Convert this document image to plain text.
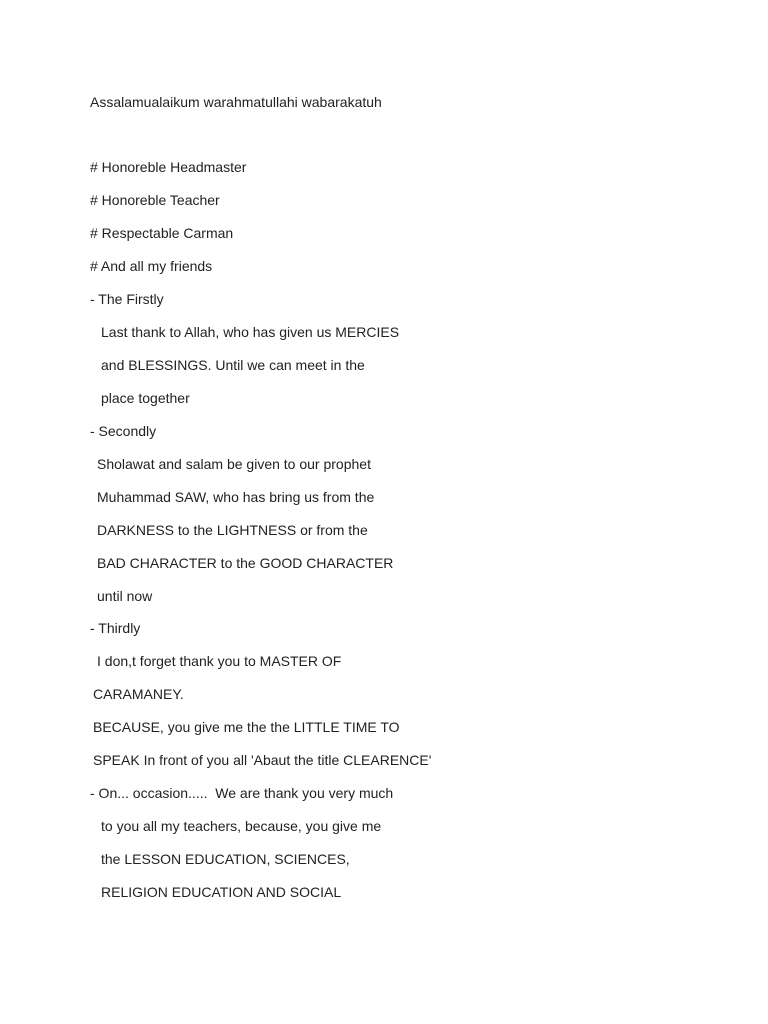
Assalamualaikum warahmatullahi wabarakatuh
# Honoreble Headmaster
# Honoreble Teacher
# Respectable Carman
# And all my friends
- The Firstly
Last thank to Allah, who has given us MERCIES
and BLESSINGS. Until we can meet in the
place together
- Secondly
Sholawat and salam be given to our prophet
Muhammad SAW, who has bring us from the
DARKNESS to the LIGHTNESS or from the
BAD CHARACTER to the GOOD CHARACTER
until now
- Thirdly
I don,t forget thank you to MASTER OF
CARAMANEY.
BECAUSE, you give me the the LITTLE TIME TO
SPEAK In front of you all 'Abaut the title CLEARENCE'
- On... occasion.....  We are thank you very much
to you all my teachers, because, you give me
the LESSON EDUCATION, SCIENCES,
RELIGION EDUCATION AND SOCIAL
